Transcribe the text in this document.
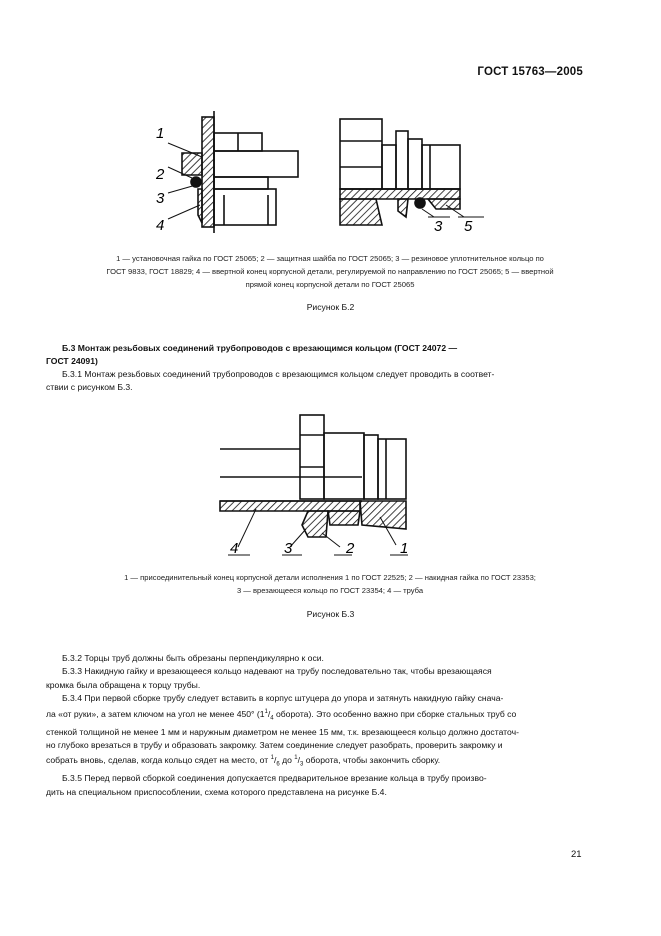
ГОСТ 15763—2005
1
2
3
4	3 5
1 — установочная гайка по ГОСТ 25065; 2 — защитная шайба по ГОСТ 25065; 3 — резиновое уплотнительное кольцо по
ГОСТ 9833, ГОСТ 18829; 4 — ввертной конец корпусной детали, регулируемой по направлению по ГОСТ 25065; 5 — ввертной
прямой конец корпусной детали по ГОСТ 25065
Рисунок Б.2
Б.3 Монтаж резьбовых соединений трубопроводов с врезающимся кольцом (ГОСТ 24072 —
ГОСТ 24091)
Б.3.1 Монтаж резьбовых соединений трубопроводов с врезающимся кольцом следует проводить в соответ-
ствии с рисунком Б.3.
4	3	2	1
1 — присоединительный конец корпусной детали исполнения 1 по ГОСТ 22525; 2 — накидная гайка по ГОСТ 23353;
3 — врезающееся кольцо по ГОСТ 23354; 4 — труба
Рисунок Б.3
Б.3.2 Торцы труб должны быть обрезаны перпендикулярно к оси.
Б.3.3 Накидную гайку и врезающееся кольцо надевают на трубу последовательно так, чтобы врезающаяся
кромка была обращена к торцу трубы.
Б.3.4 При первой сборке трубу следует вставить в корпус штуцера до упора и затянуть накидную гайку снача-
ла «от руки», а затем ключом на угол не менее 450° ($1^1/_4$ оборота). Это особенно важно при сборке стальных труб со
стенкой толщиной не менее 1 мм и наружным диаметром не менее 15 мм, т.к. врезающееся кольцо должно достаточ-
но глубоко врезаться в трубу и образовать закромку. Затем соединение следует разобрать, проверить закромку и
собрать вновь, сделав, когда кольцо сядет на место, от $^1/_6$ до $^1/_3$ оборота, чтобы закончить сборку.
Б.3.5 Перед первой сборкой соединения допускается предварительное врезание кольца в трубу произво-
дить на специальном приспособлении, схема которого представлена на рисунке Б.4.
21
